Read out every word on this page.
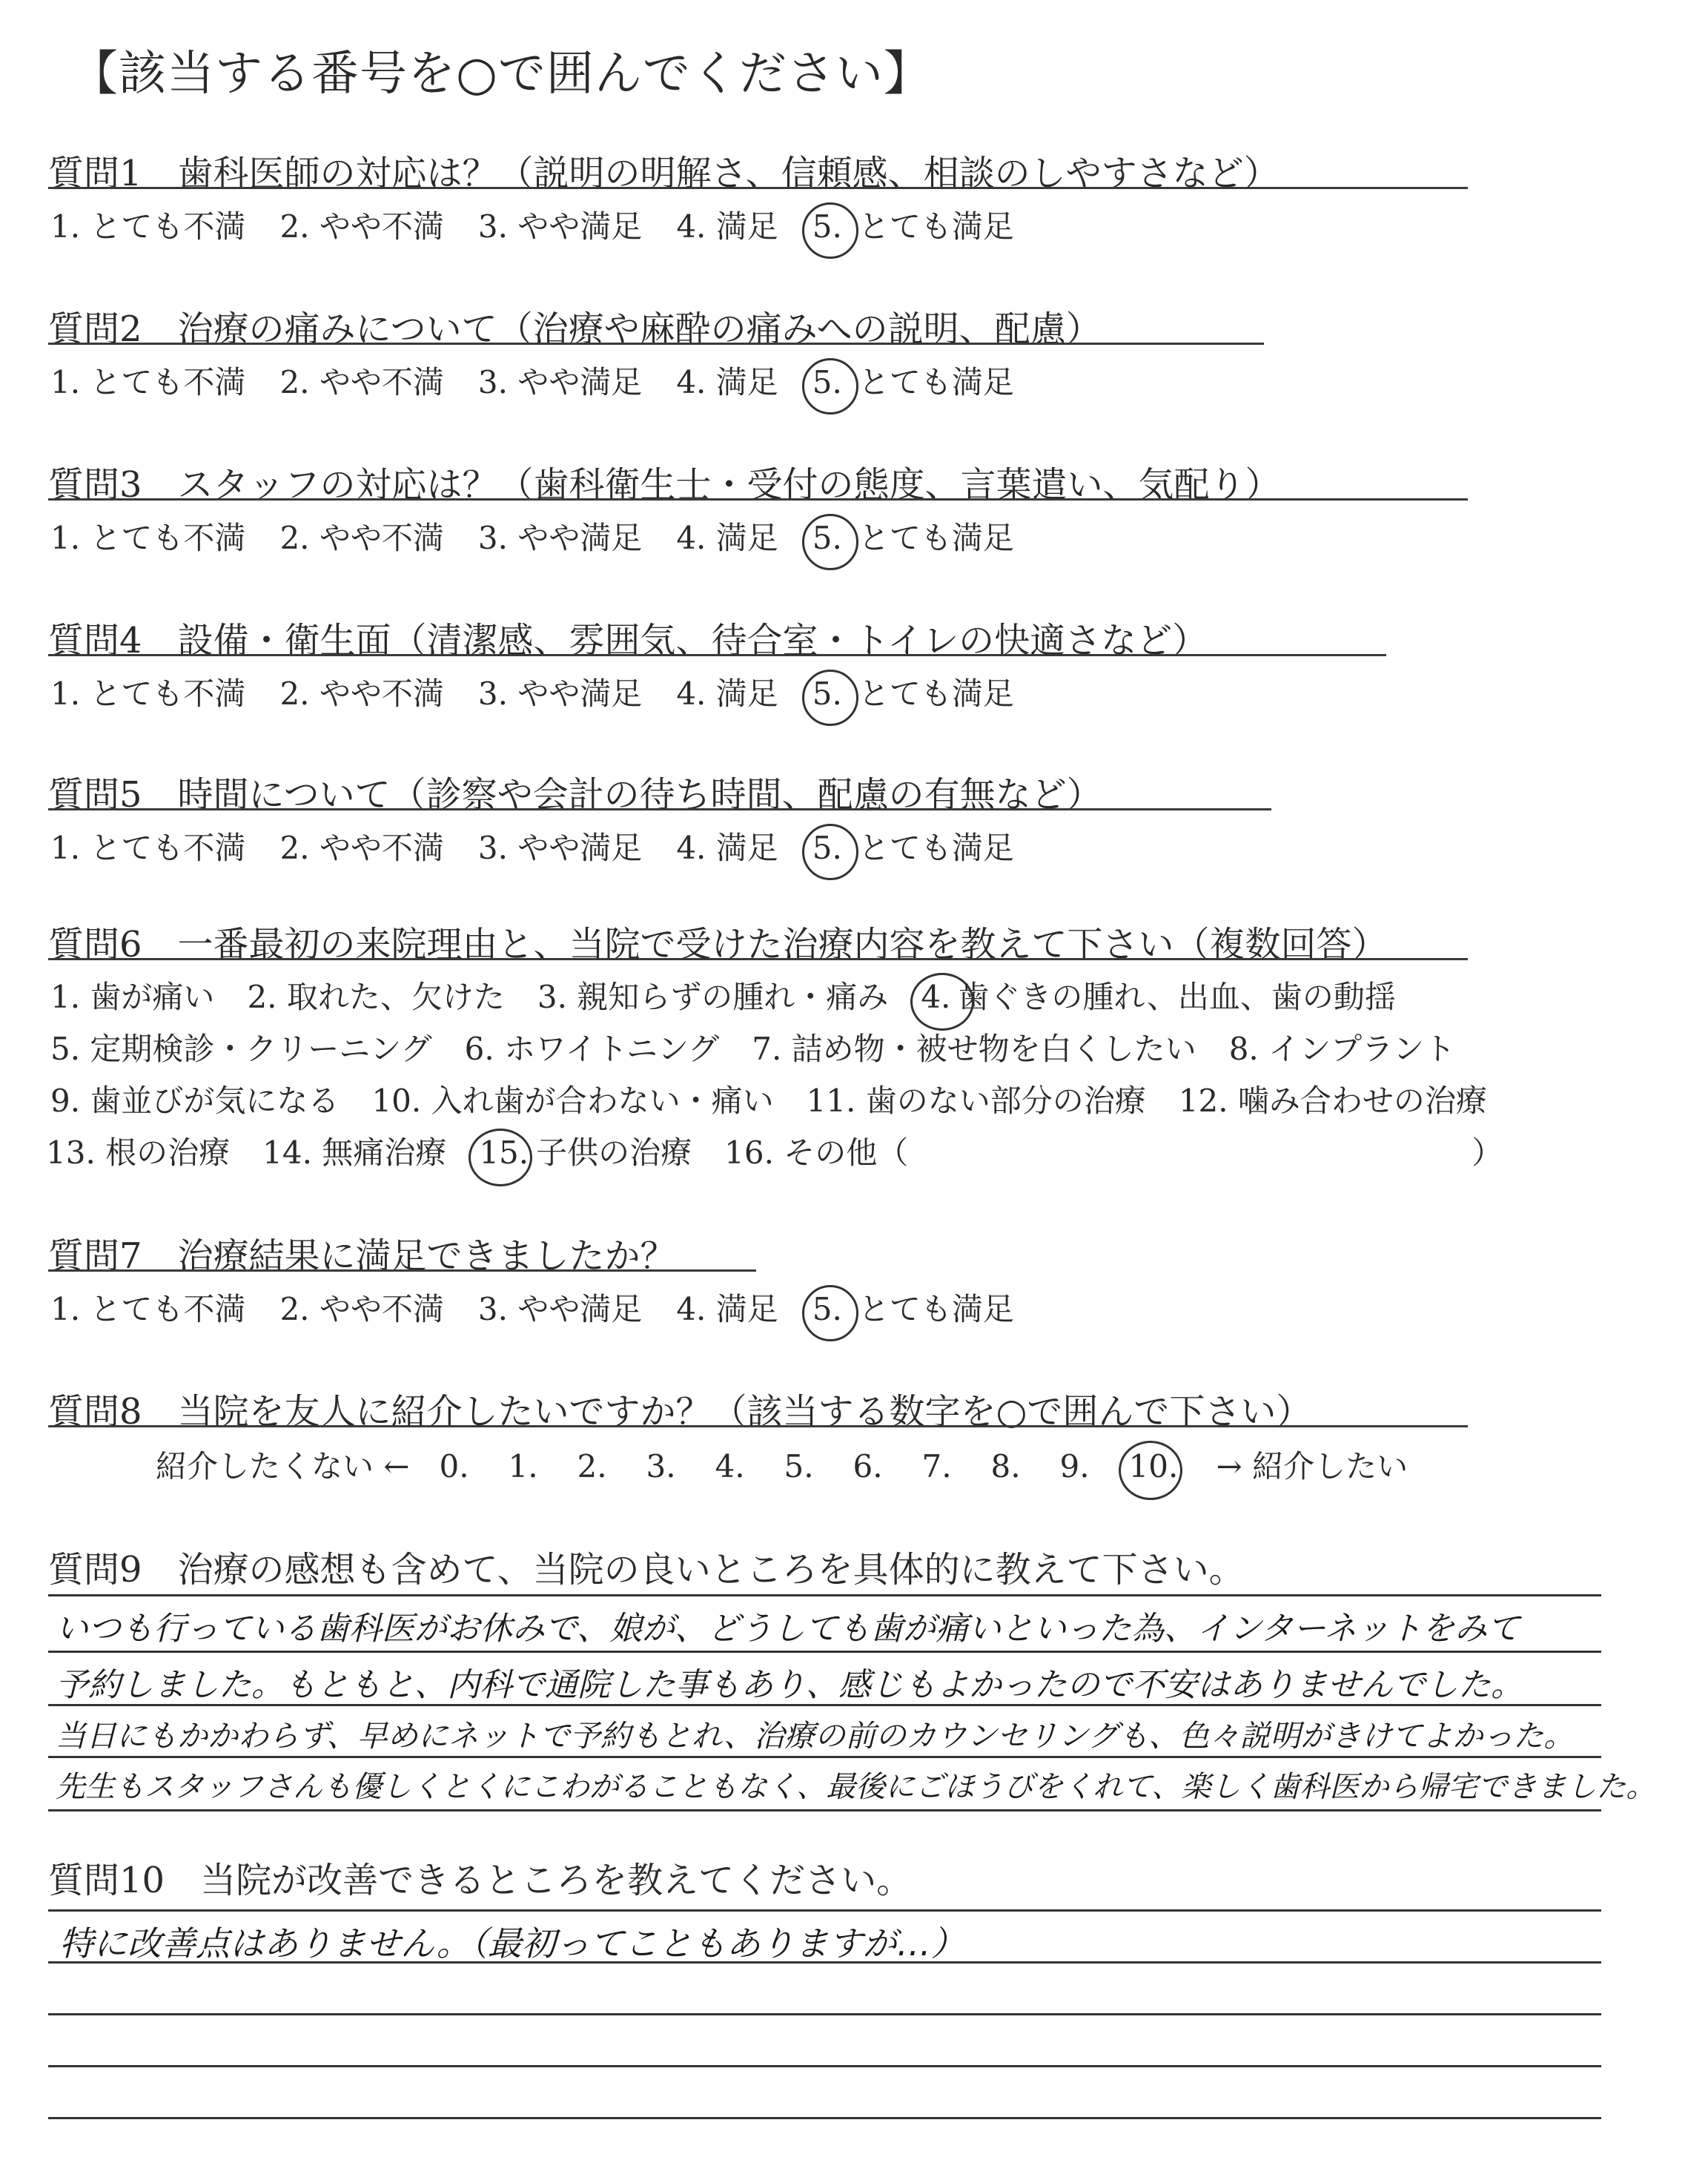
【該当する番号を○で囲んでください】
質問1　歯科医師の対応は？（説明の明解さ、信頼感、相談のしやすさなど）
1. とても不満 2. やや不満 3. やや満足 4. 満足 5. とても満足
質問2　治療の痛みについて（治療や麻酔の痛みへの説明、配慮）
1. とても不満 2. やや不満 3. やや満足 4. 満足 5. とても満足
質問3　スタッフの対応は？（歯科衛生士・受付の態度、言葉遣い、気配り）
1. とても不満 2. やや不満 3. やや満足 4. 満足 5. とても満足
質問4　設備・衛生面（清潔感、雰囲気、待合室・トイレの快適さなど）
1. とても不満 2. やや不満 3. やや満足 4. 満足 5. とても満足
質問5　時間について（診察や会計の待ち時間、配慮の有無など）
1. とても不満 2. やや不満 3. やや満足 4. 満足 5. とても満足
質問6　一番最初の来院理由と、当院で受けた治療内容を教えて下さい（複数回答）
1. 歯が痛い 2. 取れた、欠けた 3. 親知らずの腫れ・痛み 4. 歯ぐきの腫れ、出血、歯の動揺
5. 定期検診・クリーニング 6. ホワイトニング 7. 詰め物・被せ物を白くしたい 8. インプラント
9. 歯並びが気になる 10. 入れ歯が合わない・痛い 11. 歯のない部分の治療 12. 噛み合わせの治療
13. 根の治療 14. 無痛治療 15. 子供の治療 16. その他（	）
質問7　治療結果に満足できましたか？
1. とても不満 2. やや不満 3. やや満足 4. 満足 5. とても満足
質問8　当院を友人に紹介したいですか？（該当する数字を○で囲んで下さい）
紹介したくない ← 0. 1. 2. 3. 4. 5. 6. 7. 8. 9. 10. → 紹介したい
質問9　治療の感想も含めて、当院の良いところを具体的に教えて下さい。
いつも行っている歯科医がお休みで、娘が、どうしても歯が痛いといった為、インターネットをみて
予約しました。もともと、内科で通院した事もあり、感じもよかったので不安はありませんでした。
当日にもかかわらず、早めにネットで予約もとれ、治療の前のカウンセリングも、色々説明がきけてよかった。
先生もスタッフさんも優しくとくにこわがることもなく、最後にごほうびをくれて、楽しく歯科医から帰宅できました。
質問10　当院が改善できるところを教えてください。
特に改善点はありません。（最初ってこともありますが…）
